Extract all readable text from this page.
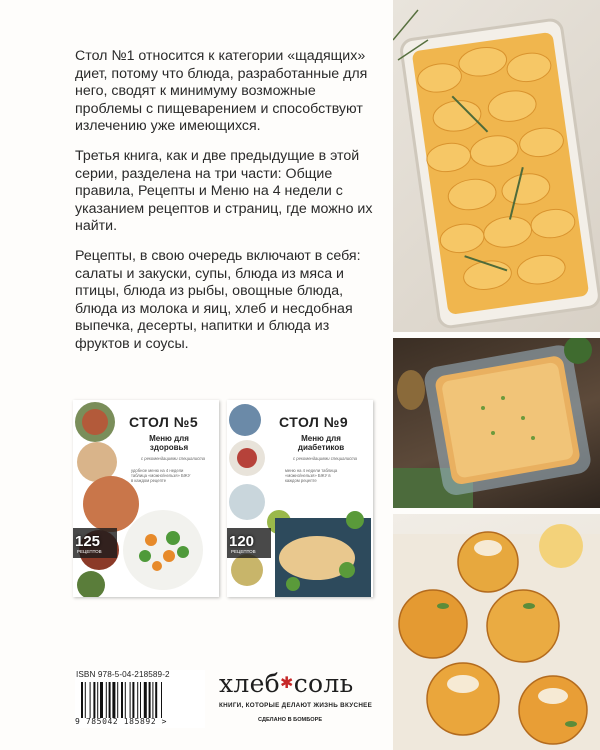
Стол №1 относится к категории «щадящих» диет, потому что блюда, разработанные для него, сводят к минимуму возможные проблемы с пищеварением и способствуют излечению уже имеющихся.

Третья книга, как и две предыдущие в этой серии, разделена на три части: Общие правила, Рецепты и Меню на 4 недели с указанием рецептов и страниц, где можно их найти.

Рецепты, в свою очередь включают в себя: салаты и закуски, супы, блюда из мяса и птицы, блюда из рыбы, овощные блюда, блюда из молока и яиц, хлеб и несдобная выпечка, десерты, напитки и блюда из фруктов и соусы.

СТОЛ №5
Меню для здоровья
с рекомендациями специалиста
удобное меню на 4 недели таблица «можно/нельзя» БЖУ в каждом рецепте
125
РЕЦЕПТОВ
СТОЛ №9
Меню для диабетиков
с рекомендациями специалиста
меню на 4 недели таблица «можно/нельзя» БЖУ в каждом рецепте
120
РЕЦЕПТОВ
ISBN 978-5-04-218589-2
9 785042 185892 >
хлеб✱соль
КНИГИ, КОТОРЫЕ ДЕЛАЮТ ЖИЗНЬ ВКУСНЕЕ
СДЕЛАНО В БОМБОРЕ
